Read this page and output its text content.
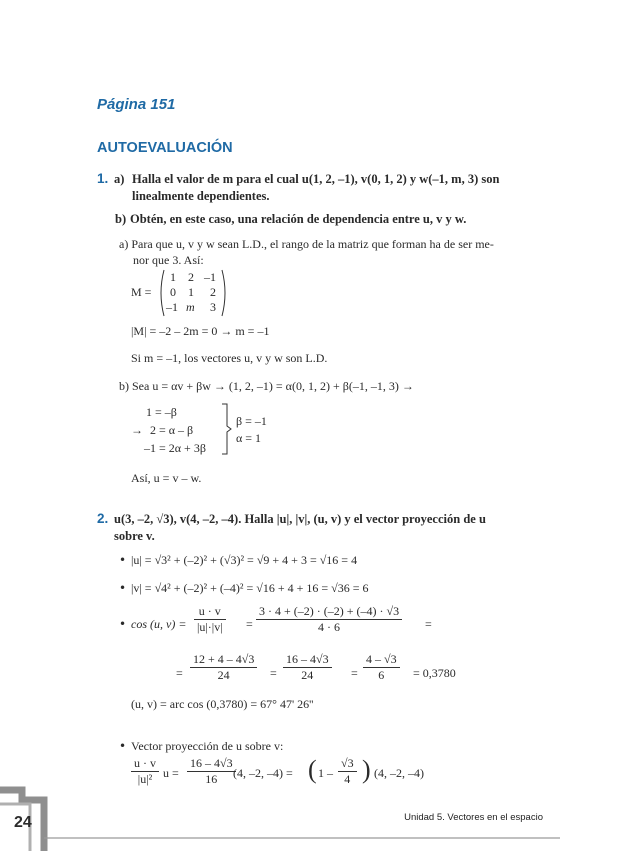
Página 151
AUTOEVALUACIÓN
1. a) Halla el valor de m para el cual u(1, 2, –1), v(0, 1, 2) y w(–1, m, 3) son
linealmente dependientes.
b) Obtén, en este caso, una relación de dependencia entre u, v y w.
a) Para que u, v y w sean L.D., el rango de la matriz que forman ha de ser me-
nor que 3. Así:
M =
1 2 –1
0 1 2
–1 m 3
|M| = –2 – 2m = 0 → m = –1
Si m = –1, los vectores u, v y w son L.D.
b) Sea u = αv + βw → (1, 2, –1) = α(0, 1, 2) + β(–1, –1, 3) →
→
1 = –β
2 = α – β
–1 = 2α + 3β
β = –1
α = 1
Así, u = v – w.
2. u(3, –2, √3), v(4, –2, –4). Halla |u|, |v|, (u, v) y el vector proyección de u
sobre v.
• |u| = √3² + (–2)² + (√3)² = √9 + 4 + 3 = √16 = 4
• |v| = √4² + (–2)² + (–4)² = √16 + 4 + 16 = √36 = 6
• cos (u, $v) = \frac{u \cdot v}{|u|\cdot|v|} = \frac{3 \cdot 4 + (-2) \cdot (-2) + (-4) \cdot √3}{4 \cdot 6}$ =
= $\frac{12 + 4 - 4√3}{24} = \frac{16 - 4√3}{24} = \frac{4 - √3}{6} = 0,3780$
(u, v) = arc cos (0,3780) = 67° 47' 26''
• Vector proyección de u sobre v:
$\frac{u \cdot v}{\text{|u|²}}$ $u = \frac{16 - 4√3}{16}$
(4, –2, –4) = ( $1 - \frac{√3}{4}$ ) (4, –2, –4)
24	Unidad 5. Vectores en el espacio
